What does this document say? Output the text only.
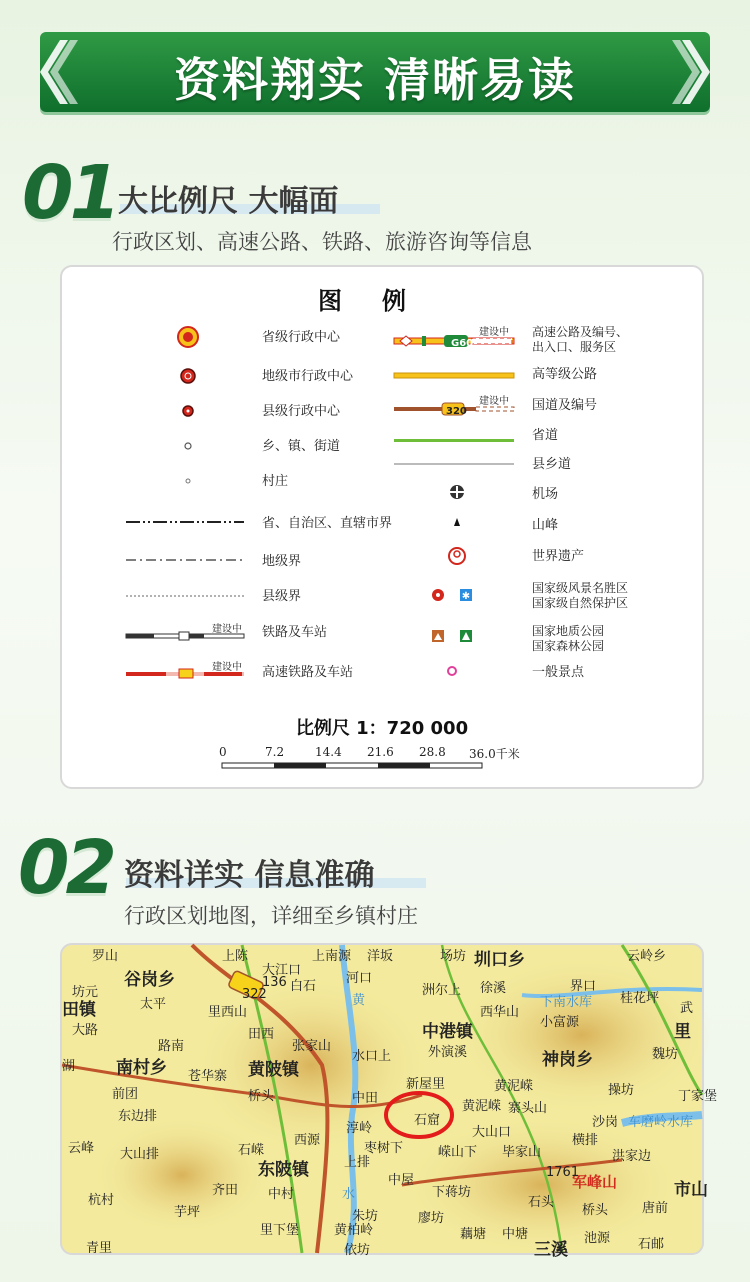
资料翔实 清晰易读
01 大比例尺 大幅面
行政区划、高速公路、铁路、旅游咨询等信息
图例
省级行政中心
地级市行政中心
县级行政中心
乡、镇、街道
村庄
省、自治区、直辖市界
地级界
县级界
铁路及车站
高速铁路及车站
建设中
建设中
G60
320
建设中
建设中
✱
高速公路及编号、
出入口、服务区
高等级公路
国道及编号
省道
县乡道
机场
山峰
世界遗产
国家级风景名胜区
国家级自然保护区
国家地质公园
国家森林公园
一般景点
比例尺 1：720 000
0	7.2	14.4 21.6 28.8 36.0千米
02 资料详实 信息准确
行政区划地图，详细至乡镇村庄
罗山
谷岗乡
上陈
大江口
上南源 洋坂	场坊 圳口乡	云岭乡
坊元
136 白石
河口
洲尔上 徐溪	界口
田镇	太平	黄
西华山
下南水库 桂花坪
武
里西山
大路	田西
张家山
中港镇	小富源	里
湖 南村乡
路南
黄陂镇
水口上	外演溪	神岗乡	魏坊
前团
苍华寨
桥头
新屋里	黄泥嵘	操坊	丁家堡
东边排
中田
石窟
黄泥嵘 寨头山
沙岗 车磨岭水库
云峰 大山排	石嵘
西源
淳岭	大山口
横排
上排
枣树下	嵘山下 毕家山	洪家边
东陂镇
中屋	军峰山
1761
市山
杭村
齐田 中村	水	下蒋坊
石头
桥头
芋坪	朱坊	廖坊
唐前
石邮
里下堡	黄柏岭	藕塘 中塘	池源
青里	依坊	三溪
322
